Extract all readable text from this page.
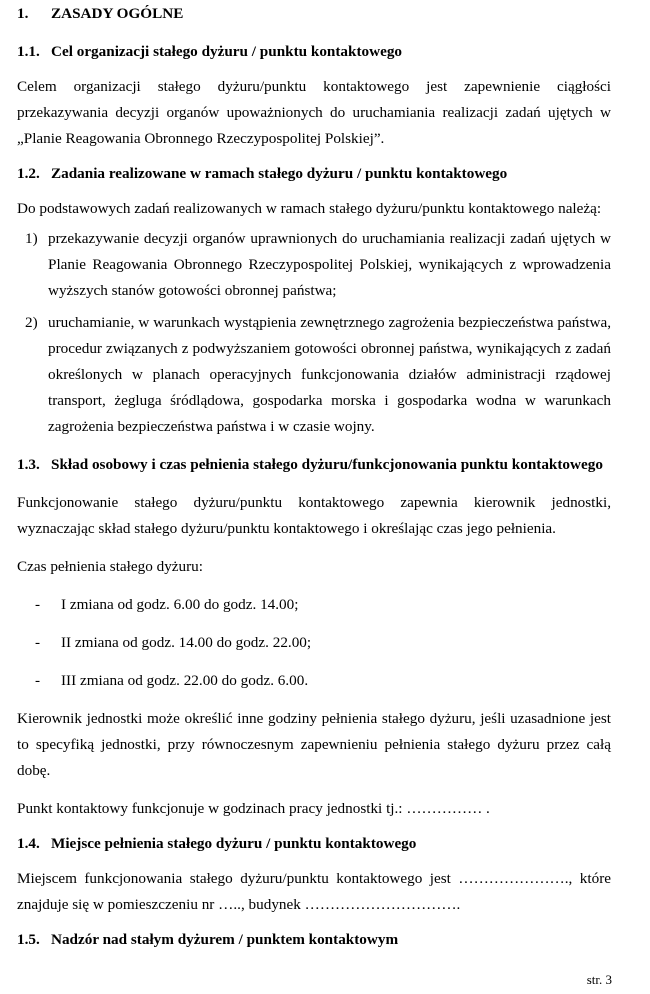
1. ZASADY OGÓLNE
1.1. Cel organizacji stałego dyżuru / punktu kontaktowego

Celem organizacji stałego dyżuru/punktu kontaktowego jest zapewnienie ciągłości przekazywania decyzji organów upoważnionych do uruchamiania realizacji zadań ujętych w „Planie Reagowania Obronnego Rzeczypospolitej Polskiej”.

1.2. Zadania realizowane w ramach stałego dyżuru / punktu kontaktowego

Do podstawowych zadań realizowanych w ramach stałego dyżuru/punktu kontaktowego należą:

1) przekazywanie decyzji organów uprawnionych do uruchamiania realizacji zadań ujętych w Planie Reagowania Obronnego Rzeczypospolitej Polskiej, wynikających z wprowadzenia wyższych stanów gotowości obronnej państwa;
2) uruchamianie, w warunkach wystąpienia zewnętrznego zagrożenia bezpieczeństwa państwa, procedur związanych z podwyższaniem gotowości obronnej państwa, wynikających z zadań określonych w planach operacyjnych funkcjonowania działów administracji rządowej transport, żegluga śródlądowa, gospodarka morska i gospodarka wodna w warunkach zagrożenia bezpieczeństwa państwa i w czasie wojny.
1.3. Skład osobowy i czas pełnienia stałego dyżuru/funkcjonowania punktu kontaktowego

Funkcjonowanie stałego dyżuru/punktu kontaktowego zapewnia kierownik jednostki, wyznaczając skład stałego dyżuru/punktu kontaktowego i określając czas jego pełnienia.

Czas pełnienia stałego dyżuru:

- I zmiana od godz. 6.00 do godz. 14.00;
- II zmiana od godz. 14.00 do godz. 22.00;
- III zmiana od godz. 22.00 do godz. 6.00.

Kierownik jednostki może określić inne godziny pełnienia stałego dyżuru, jeśli uzasadnione jest to specyfiką jednostki, przy równoczesnym zapewnieniu pełnienia stałego dyżuru przez całą dobę.

Punkt kontaktowy funkcjonuje w godzinach pracy jednostki tj.: …………… .

1.4. Miejsce pełnienia stałego dyżuru / punktu kontaktowego

Miejscem funkcjonowania stałego dyżuru/punktu kontaktowego jest …………………., które znajduje się w pomieszczeniu nr ….., budynek ………………………….

1.5. Nadzór nad stałym dyżurem / punktem kontaktowym
str. 3
